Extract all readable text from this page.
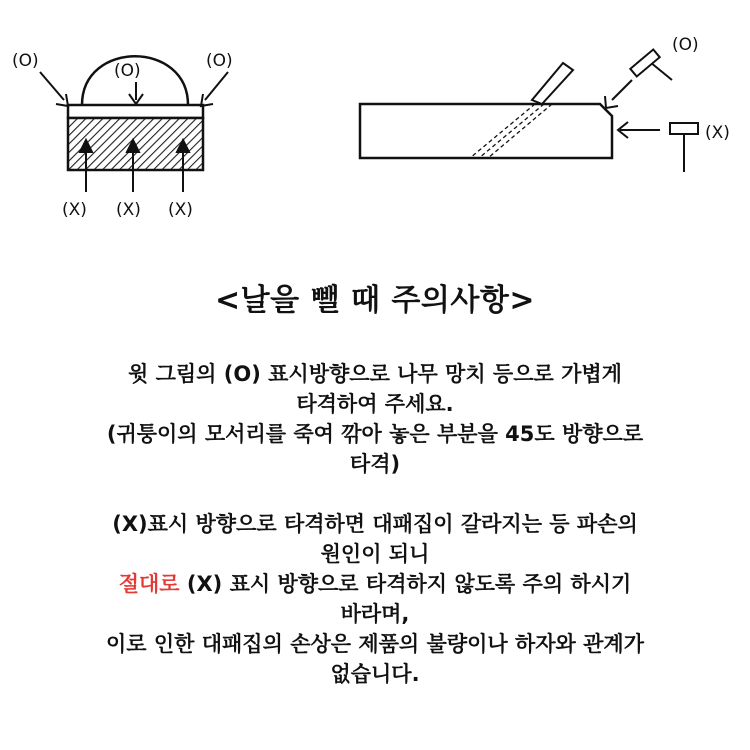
(O)	(O)	(O)
(X) (X) (X)
(O)
(X)
<날을 뺄 때 주의사항>
윗 그림의 (O) 표시방향으로 나무 망치 등으로 가볍게
타격하여 주세요.
(귀퉁이의 모서리를 죽여 깎아 놓은 부분을 45도 방향으로
타격)
(X)표시 방향으로 타격하면 대패집이 갈라지는 등 파손의
원인이 되니
절대로 (X) 표시 방향으로 타격하지 않도록 주의 하시기
바라며,
이로 인한 대패집의 손상은 제품의 불량이나 하자와 관계가
없습니다.
